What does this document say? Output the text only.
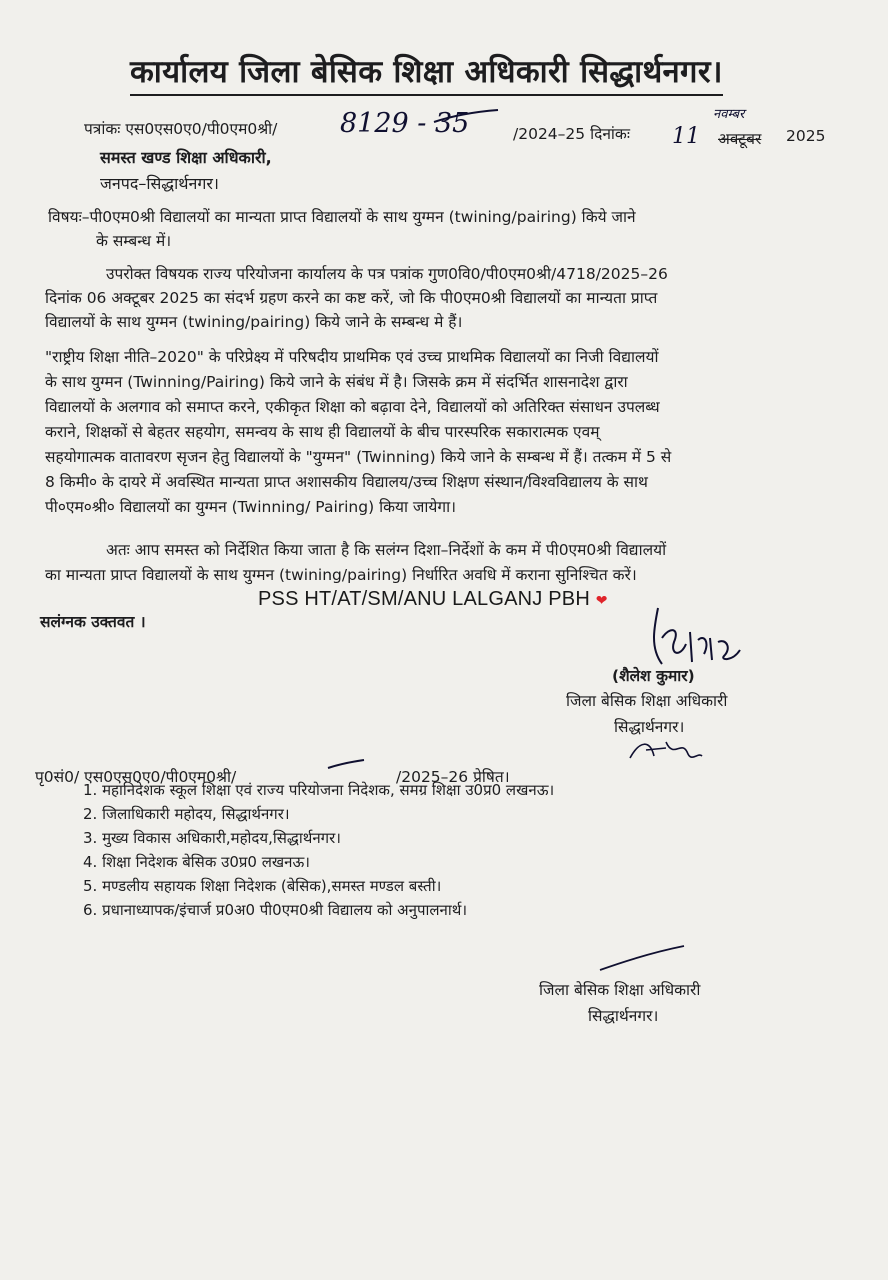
कार्यालय जिला बेसिक शिक्षा अधिकारी सिद्धार्थनगर।
पत्रांकः एस0एस0ए0/पी0एम0श्री/ 8129 - 35	/2024–25 दिनांकः 11
नवम्बर
अक्टूबर 2025
समस्त खण्ड शिक्षा अधिकारी,
जनपद–सिद्धार्थनगर।
विषयः–पी0एम0श्री विद्यालयों का मान्यता प्राप्त विद्यालयों के साथ युग्मन (twining/pairing) किये जाने
के सम्बन्ध में।
उपरोक्त विषयक राज्य परियोजना कार्यालय के पत्र पत्रांक गुण0वि0/पी0एम0श्री/4718/2025–26
दिनांक 06 अक्टूबर 2025 का संदर्भ ग्रहण करने का कष्ट करें, जो कि पी0एम0श्री विद्यालयों का मान्यता प्राप्त
विद्यालयों के साथ युग्मन (twining/pairing) किये जाने के सम्बन्ध मे हैं।
"राष्ट्रीय शिक्षा नीति–2020" के परिप्रेक्ष्य में परिषदीय प्राथमिक एवं उच्च प्राथमिक विद्यालयों का निजी विद्यालयों
के साथ युग्मन (Twinning/Pairing) किये जाने के संबंध में है। जिसके क्रम में संदर्भित शासनादेश द्वारा
विद्यालयों के अलगाव को समाप्त करने, एकीकृत शिक्षा को बढ़ावा देने, विद्यालयों को अतिरिक्त संसाधन उपलब्ध
कराने, शिक्षकों से बेहतर सहयोग, समन्वय के साथ ही विद्यालयों के बीच पारस्परिक सकारात्मक एवम्
सहयोगात्मक वातावरण सृजन हेतु विद्यालयों के "युग्मन" (Twinning) किये जाने के सम्बन्ध में हैं। तत्कम में 5 से
8 किमी० के दायरे में अवस्थित मान्यता प्राप्त अशासकीय विद्यालय/उच्च शिक्षण संस्थान/विश्वविद्यालय के साथ
पी०एम०श्री० विद्यालयों का युग्मन (Twinning/ Pairing) किया जायेगा।
अतः आप समस्त को निर्देशित किया जाता है कि सलंग्न दिशा–निर्देशों के कम में पी0एम0श्री विद्यालयों
का मान्यता प्राप्त विद्यालयों के साथ युग्मन (twining/pairing) निर्धारित अवधि में कराना सुनिश्चित करें।
PSS HT/AT/SM/ANU LALGANJ PBH ❤
सलंग्नक उक्तवत ।
(शैलेश कुमार)
जिला बेसिक शिक्षा अधिकारी
सिद्धार्थनगर।
पृ0सं0/ एस0एस0ए0/पी0एम0श्री/	/2025–26 प्रेषित।
1. महानिदेशक स्कूल शिक्षा एवं राज्य परियोजना निदेशक, समग्र शिक्षा उ0प्र0 लखनऊ।
2. जिलाधिकारी महोदय, सिद्धार्थनगर।
3. मुख्य विकास अधिकारी,महोदय,सिद्धार्थनगर।
4. शिक्षा निदेशक बेसिक उ0प्र0 लखनऊ।
5. मण्डलीय सहायक शिक्षा निदेशक (बेसिक),समस्त मण्डल बस्ती।
6. प्रधानाध्यापक/इंचार्ज प्र0अ0 पी0एम0श्री विद्यालय को अनुपालनार्थ।
जिला बेसिक शिक्षा अधिकारी
सिद्धार्थनगर।
